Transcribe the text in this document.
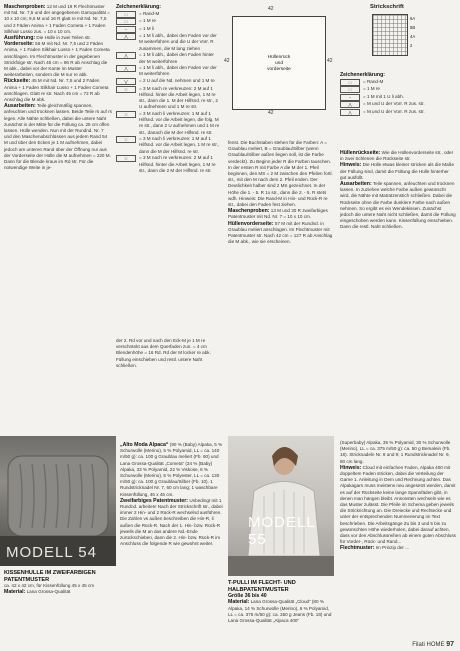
Maschenproben: 12 M und 19 R Flechtmuster mit Nd. Nr. 7,5 und der angegebenen Garnqualität = 10 x 10 cm; 9,5 M und 16 R glatt re mit Nd. Nr. 7,5 und 2 Fäden Anima + 1 Faden Cometa + 1 Faden Silkhair Lusso zus. = 10 x 10 cm.
Ausführung: Die Hülle in zwei Teilen str.
Vorderseite: 56 M mit Nd. Nr. 7,5 und 2 Fäden Anima, + 1 Faden Silkhair Lusso + 1 Faden Cometa anschlagen. Im Flechtmuster in der gegebenen Strickfolge str. Nach 45 cm = 86 R ab Anschlag die M abk., dabei vor der Kante im Muster weiterarbeiten, sondern die M nur re abk.
Rückseite: 45 M mit Nd. Nr. 7,5 und 2 Fäden Anima + 1 Faden Silkhair Lusso + 1 Faden Cometa anschlagen. Glatt re str. Nach 45 cm = 72 R ab Anschlag die M abk.
Ausarbeiten: Teile gleichmäßig spannen, anfeuchten und trocknen lassen. Beide Teile rs auf rs legen. Alle Nähte schließen, dabei die untere Naht zunächst in der Mitte für die Füllung ca. 25 cm offen lassen. Hülle wenden. Nun mit der Rundnd. Nr. 7 und den Maschenabschlüssen aus jedem Rand 54 M und über den Ecken je 1 M aufnehmen, dabei jedoch am unteren Rand über der Öffnung nur aus der Vorderseite der Hülle die M aufnehmen = 220 M. Dann für die Blende kraus im Rd str. Für die notwendige Weite in je-
Zeichenerklärung:
□	= Rand-M
□	= 1 M re
−	= 1 M li
⋀	= 1 M li abh., dabei den Faden vor der M weiterführen und die U der Vorr. R zusammen, die M lang ziehen
⋀	= 1 M li abh., dabei den Faden hinter der M weiterführen
⋀	= 1 M li abh., dabei den Faden vor der M weiterführen
⋁	= 2 U auf die Nd. nehmen und 1 M re
⤫	= 3 M nach re verkreuzen: 2 M auf 1 Hilfsnd. hinter die Arbeit legen, 1 M re str., dann die 1. M der Hilfsnd. re str., 2 U aufnehmen und 1 M re str.
⤫	= 3 M nach li verkreuzen: 1 M auf 1 Hilfsnd. vor die Arbeit legen, die folg. M re str., dann 2 U aufnehmen und 1 M re str., danach die M der Hilfsnd. re str.
⤫	= 3 M nach li verkreuzen: 1 M auf 1 Hilfsnd. vor die Arbeit legen, 1 M re str., dann die M der Hilfsnd. re str.
⤫	= 3 M nach re verkreuzen: 2 M auf 1 Hilfsnd. hinter die Arbeit legen, 1 M re str., dann die 2 M der Hilfsnd. re str.
der 2. Rd vor und nach den Eck-M je 1 M re verschränkt aus dem Querfaden zun. = 4 cm Blendenhöhe = 16 Rd. Rd der M locker re abk. Füllung einschieben und restl. untere Naht schließen.
42
Hüllenrück
und
vorderseite
42	42
42
Strickschrift
6A
5B
4A
2
Zeichenerklärung:
□	= Rand-M
□	= 1 M re
−	= 1 M mit 1 U li abh.
⋀	= M und U der Vorr. R zus. str.
⋀	= M und U der Vorr. R zus. str.
fenst. Die Buchstaben stehen für die Farben: A = Graublau meliert, B = Graublau/Silber (wenn Graublau/Silber außen liegen soll, ist die Farbe verdeckt). Zu Beginn jeder R die Farben tauschen. In der ersten R mit Farbe A die M der 1. Pfeil beginnen, den MS = 2 M zwischen den Pfeilen fortl. str., mit den M nach dem 2. Pfeil enden. Der Deutlichkeit halber sind 2 MS gezeichnet. In der Höhe die 1. - 5. R 1x str., dann die 2. - 5. R stets wdh. Hinweis: Die Rand-M in Hin- und Rück-R re str., dabei den Faden fest ziehen.
Maschenproben: 13 M und 30 R zweifarbiges Patentmuster mit Nd. Nr. 7 = 10 x 10 cm.
Hüllenvorderseite: 57 M mit der Rundnd. in Graublau meliert anschlagen. Im Flechtmuster mit Patentmuster str. Nach 42 cm = 127 R ab Anschlag die M abk., wie sie erscheinen.
Hüllenrückseite: Wie die Hüllenvorderseite str., oder in zwei Schlenen die Rückseite str.
Hinweis: Die Hülle etwas kleiner stricken als die Maße der Füllung sind, damit die Füllung die Hülle hinterher gut ausfüllt.
Ausarbeiten: Teile spannen, anfeuchten und trocknen lassen. In zuziehen welche Farbe außen gewünscht wird, die Nähte mit Matratzenstich schließen. Dabei die Rückseite ohne die Farbe dunklere Farbe nach außen nehmen. So ergibt es ein Wendekissen. Zunächst jedoch die untere Naht nicht schließen, damit die Füllung eingeschoben werden kann. Kissenfüllung einschieben. Dann die restl. Naht schließen.
MODELL 54
KISSENHÜLLE IM ZWEIFARBIGEN PATENTMUSTER
ca. 42 x 42 cm, für Kissenfüllung 45 x 45 cm
Material: Lana Grossa-Qualität
„Alto Moda Alpaca“ (90 % (Baby) Alpaka, 5 % Schurwolle (Merino), 5 % Polyamid, LL = ca. 140 m/50 g): ca. 100 g Graublau meliert (Fb. 60) und Lana Grossa-Qualität „Cometa“ (34 % (Baby) Alpaka, 33 % Polyamid, 22 % Viskose, 6 % Schurwolle (Merino), 5 % Polyester, LL = ca. 130 m/50 g): ca. 100 g Graublau/Silber (Fb. 10). 1 Rundstricknadel Nr. 7, 60 cm lang; 1 waschbare Kissenfüllung, 45 x 45 cm.
Zweifarbiges Patentmuster: Unbedingt mit 1 Rundnd. arbeiten! Nach der Strickschrift str., dabei immer 2 Hin- und 2 Rück-R wechselnd ausführen. Die Zahlen vs außen beschreiben die Hin-R, li außen die Rück-R. Nach der 1. Hin- bzw. Rück-R jeweils die M an das andere Nd.-Ende zurückschieben, dann die 2. Hin- bzw. Rück-R im Anschluss die folgende R wie gewohnt weiter.
MODELL 55
T-PULLI IM FLECHT- UND HALBPATENTMUSTER
Größe 36 bis 40
Material: Lana Grossa-Qualität „Cloud“ (80 % Alpaka, 14 % Schurwolle (Merino), 6 % Polyamid, LL = ca. 375 m/50 g): ca. 350 g Jeans (Fb. 18) und Lana Grossa-Qualität „Alpaca 400“
(Superbaby) Alpaka, 35 % Polyamid, 30 % Schurwolle (Merino), LL = ca. 375 m/50 g): ca. 50 g Bemalein (Fb. 18). Stricknadeln Nr. 8 und 9; 1 Rundstricknadel Nr. 9, 80 cm lang.
Hinweis: Cloud mit einfachen Faden, Alpaka 400 mit doppeltem Faden stricken, dabei die Verteilung der Garne 1. Anleitung in Dem und Rechnung achten. Das Alpakagarn muss meistens neu angesetzt werden, damit es auf der Rückseite keine lange Spannfäden gibt, in denen man hängen bleibt. Ansonsten wechseln wie es das Muster zulässt. Die Pfeile im Schema geben jeweils die Strickrichtung an. Die Dreiecke und Rechtecke und unter der entsprechenden Nummerierung im Text beschrieben. Die Arbeitsgänge Zu bis 3 und 5 bis zu gewünschten Höhe wiederholen, dabei darauf achten, dass vor den Abschlussreihen ab einem guten Abschluss für Vorder-, Rück- und Rand...
Flechtmuster: Im Prinzip der ...
Filati HOME 97
